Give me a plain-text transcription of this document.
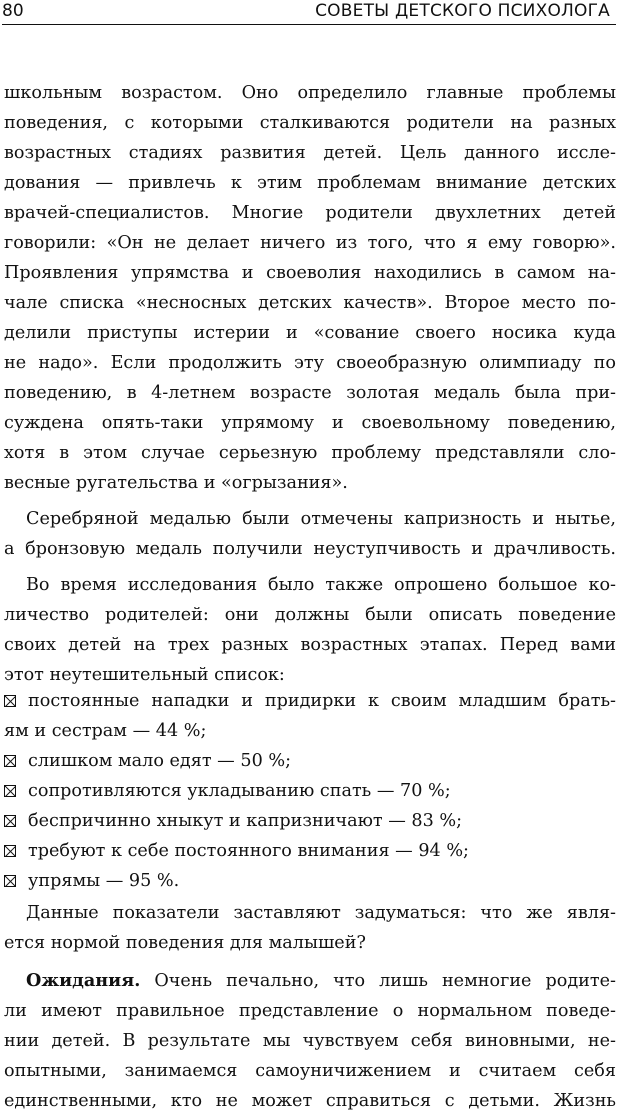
80	СОВЕТЫ ДЕТСКОГО ПСИХОЛОГА
школьным возрастом. Оно определило главные проблемы
поведения, с которыми сталкиваются родители на разных
возрастных стадиях развития детей. Цель данного иссле-
дования — привлечь к этим проблемам внимание детских
врачей-специалистов. Многие родители двухлетних детей
говорили: «Он не делает ничего из того, что я ему говорю».
Проявления упрямства и своеволия находились в самом на-
чале списка «несносных детских качеств». Второе место по-
делили приступы истерии и «сование своего носика куда
не надо». Если продолжить эту своеобразную олимпиаду по
поведению, в 4-летнем возрасте золотая медаль была при-
суждена опять-таки упрямому и своевольному поведению,
хотя в этом случае серьезную проблему представляли сло-
весные ругательства и «огрызания».
Серебряной медалью были отмечены капризность и нытье,
а бронзовую медаль получили неуступчивость и драчливость.
Во время исследования было также опрошено большое ко-
личество родителей: они должны были описать поведение
своих детей на трех разных возрастных этапах. Перед вами
этот неутешительный список:
постоянные нападки и придирки к своим младшим брать-
ям и сестрам — 44 %;
слишком мало едят — 50 %;
сопротивляются укладыванию спать — 70 %;
беспричинно хныкут и капризничают — 83 %;
требуют к себе постоянного внимания — 94 %;
упрямы — 95 %.
Данные показатели заставляют задуматься: что же явля-
ется нормой поведения для малышей?
Ожидания. Очень печально, что лишь немногие родите-
ли имеют правильное представление о нормальном поведе-
нии детей. В результате мы чувствуем себя виновными, не-
опытными, занимаемся самоуничижением и считаем себя
единственными, кто не может справиться с детьми. Жизнь
